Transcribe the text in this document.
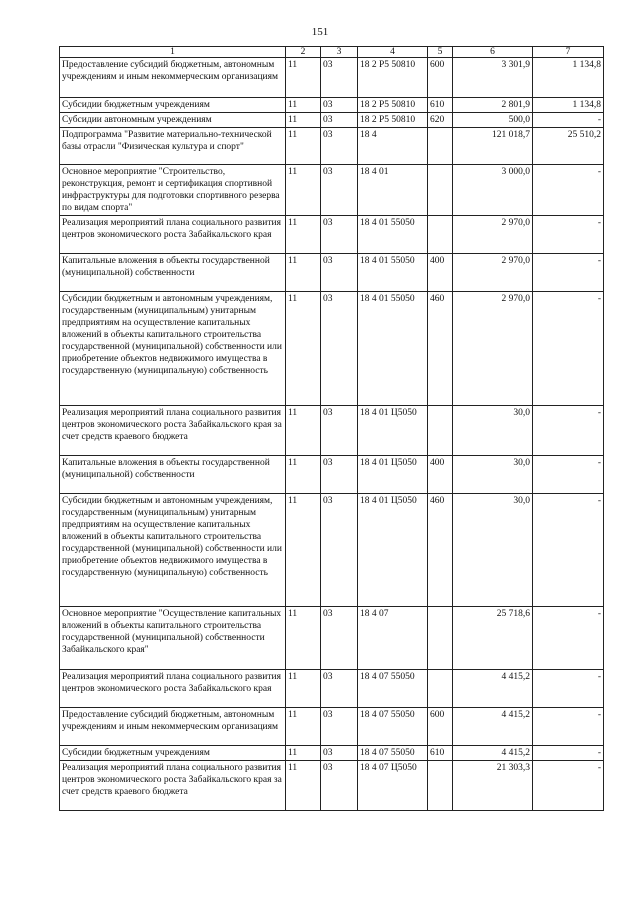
151
1	2	3	4	5	6	7
Предоставление субсидий бюджетным, автономным учреждениям и иным некоммерческим организациям	11	03	18 2 P5 50810	600	3 301,9	1 134,8
Субсидии бюджетным учреждениям	11	03	18 2 P5 50810	610	2 801,9	1 134,8
Субсидии автономным учреждениям	11	03	18 2 P5 50810	620	500,0	-
Подпрограмма "Развитие материально-технической базы отрасли "Физическая культура и спорт"	11	03	18 4		121 018,7	25 510,2
Основное мероприятие "Строительство, реконструкция, ремонт и сертификация спортивной инфраструктуры для подготовки спортивного резерва по видам спорта"	11	03	18 4 01		3 000,0	-
Реализация мероприятий плана социального развития центров экономического роста Забайкальского края	11	03	18 4 01 55050		2 970,0	-
Капитальные вложения в объекты государственной (муниципальной) собственности	11	03	18 4 01 55050	400	2 970,0	-
Субсидии бюджетным и автономным учреждениям, государственным (муниципальным) унитарным предприятиям на осуществление капитальных вложений в объекты капитального строительства государственной (муниципальной) собственности или приобретение объектов недвижимого имущества в государственную (муниципальную) собственность	11	03	18 4 01 55050	460	2 970,0	-
Реализация мероприятий плана социального развития центров экономического роста Забайкальского края за счет средств краевого бюджета	11	03	18 4 01 Ц5050		30,0	-
Капитальные вложения в объекты государственной (муниципальной) собственности	11	03	18 4 01 Ц5050	400	30,0	-
Субсидии бюджетным и автономным учреждениям, государственным (муниципальным) унитарным предприятиям на осуществление капитальных вложений в объекты капитального строительства государственной (муниципальной) собственности или приобретение объектов недвижимого имущества в государственную (муниципальную) собственность	11	03	18 4 01 Ц5050	460	30,0	-
Основное мероприятие "Осуществление капитальных вложений в объекты капитального строительства государственной (муниципальной) собственности Забайкальского края"	11	03	18 4 07		25 718,6	-
Реализация мероприятий плана социального развития центров экономического роста Забайкальского края	11	03	18 4 07 55050		4 415,2	-
Предоставление субсидий бюджетным, автономным учреждениям и иным некоммерческим организациям	11	03	18 4 07 55050	600	4 415,2	-
Субсидии бюджетным учреждениям	11	03	18 4 07 55050	610	4 415,2	-
Реализация мероприятий плана социального развития центров экономического роста Забайкальского края за счет средств краевого бюджета	11	03	18 4 07 Ц5050		21 303,3	-
